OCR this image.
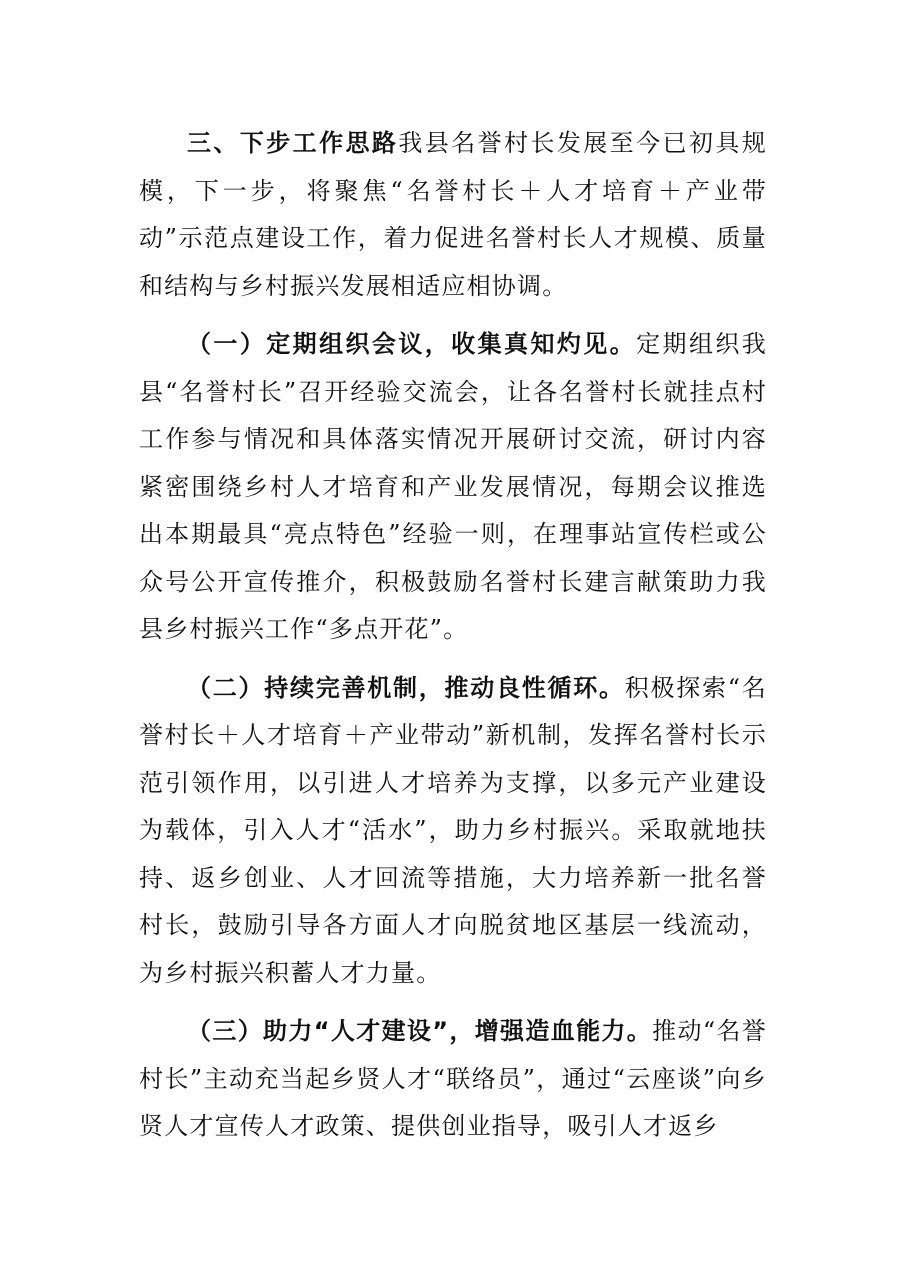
三、下步工作思路我县名誉村长发展至今已初具规模，下一步，将聚焦“名誉村长＋人才培育＋产业带动”示范点建设工作，着力促进名誉村长人才规模、质量和结构与乡村振兴发展相适应相协调。

（一）定期组织会议，收集真知灼见。定期组织我县“名誉村长”召开经验交流会，让各名誉村长就挂点村工作参与情况和具体落实情况开展研讨交流，研讨内容紧密围绕乡村人才培育和产业发展情况，每期会议推选出本期最具“亮点特色”经验一则，在理事站宣传栏或公众号公开宣传推介，积极鼓励名誉村长建言献策助力我县乡村振兴工作“多点开花”。

（二）持续完善机制，推动良性循环。积极探索“名誉村长＋人才培育＋产业带动”新机制，发挥名誉村长示范引领作用，以引进人才培养为支撑，以多元产业建设为载体，引入人才“活水”，助力乡村振兴。采取就地扶持、返乡创业、人才回流等措施，大力培养新一批名誉村长，鼓励引导各方面人才向脱贫地区基层一线流动，为乡村振兴积蓄人才力量。

（三）助力“人才建设”，增强造血能力。推动“名誉村长”主动充当起乡贤人才“联络员”，通过“云座谈”向乡贤人才宣传人才政策、提供创业指导，吸引人才返乡
